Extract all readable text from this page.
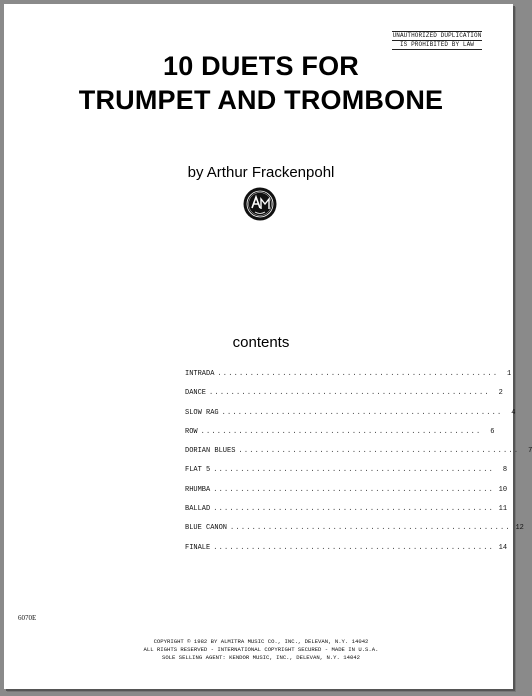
UNAUTHORIZED DUPLICATION
IS PROHIBITED BY LAW
10 DUETS FOR
TRUMPET AND TROMBONE
by Arthur Frackenpohl
contents
INTRADA ....................................................	1
DANCE ....................................................	2
SLOW RAG ....................................................	4
ROW ....................................................	6
DORIAN BLUES ....................................................	7
FLAT 5 ....................................................	8
RHUMBA .................................................... 10
BALLAD .................................................... 11
BLUE CANON .................................................... 12
FINALE .................................................... 14
6070E
COPYRIGHT © 1982 BY ALMITRA MUSIC CO., INC., DELEVAN, N.Y. 14042
ALL RIGHTS RESERVED - INTERNATIONAL COPYRIGHT SECURED - MADE IN U.S.A.
SOLE SELLING AGENT: KENDOR MUSIC, INC., DELEVAN, N.Y. 14042
